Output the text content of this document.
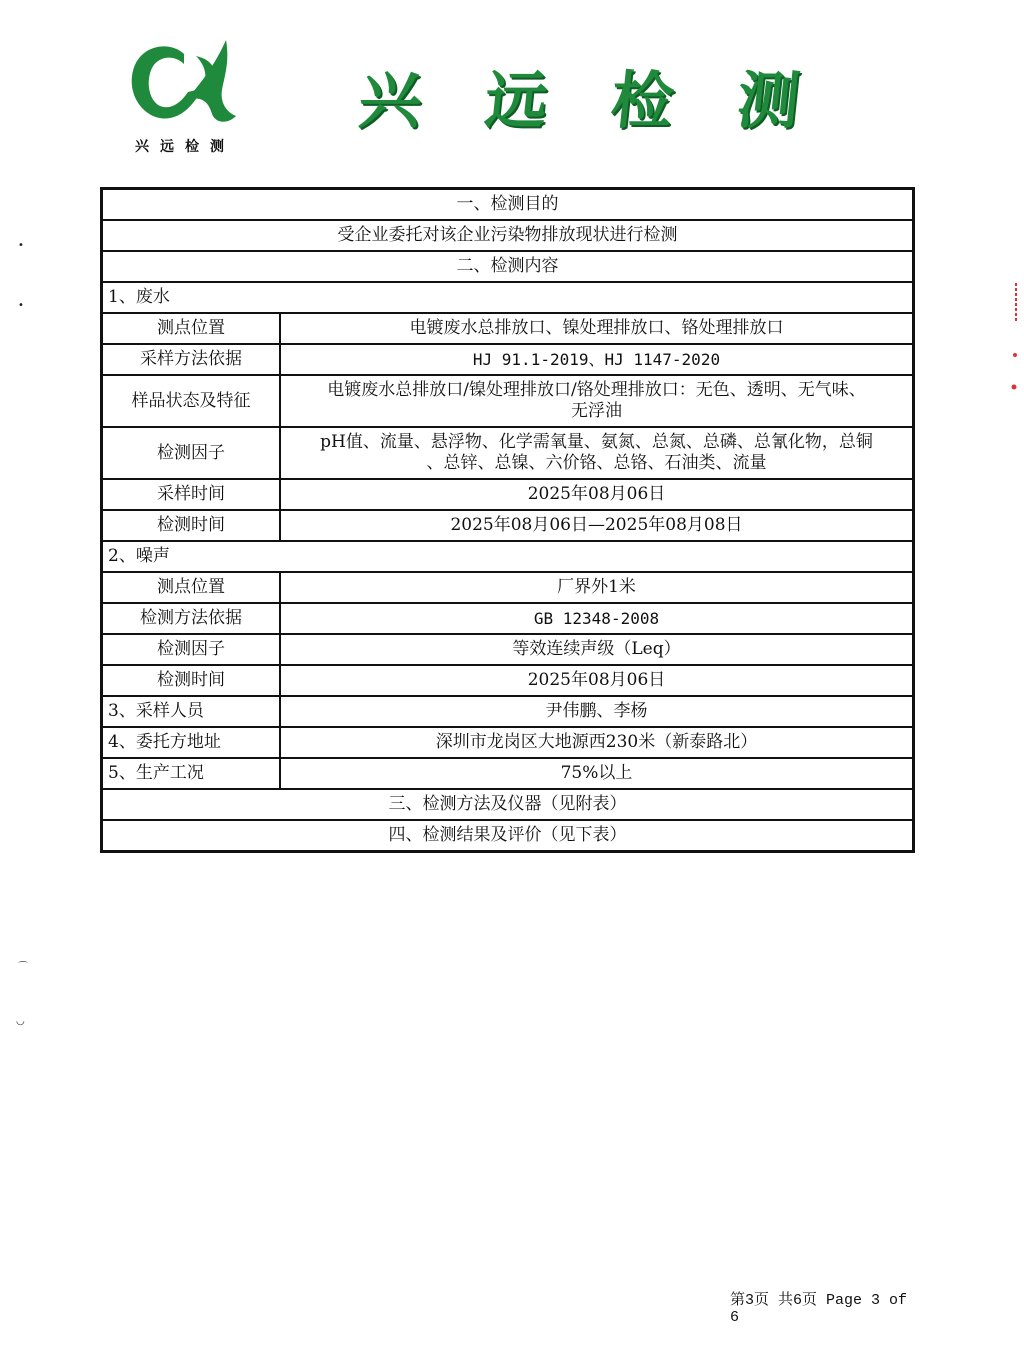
兴远检测
兴 远 检 测
•
•
⌒
◡
一、检测目的	
受企业委托对该企业污染物排放现状进行检测	
二、检测内容	
1、废水	
测点位置	电镀废水总排放口、镍处理排放口、铬处理排放口
采样方法依据	HJ 91.1-2019、HJ 1147-2020
样品状态及特征	电镀废水总排放口/镍处理排放口/铬处理排放口：无色、透明、无气味、
无浮油

检测因子	pH值、流量、悬浮物、化学需氧量、氨氮、总氮、总磷、总氰化物，总铜
、总锌、总镍、六价铬、总铬、石油类、流量

采样时间	2025年08月06日
检测时间	2025年08月06日—2025年08月08日
2、噪声	
测点位置	厂界外1米
检测方法依据	GB 12348-2008
检测因子	等效连续声级（Leq）
检测时间	2025年08月06日
3、采样人员	尹伟鹏、李杨
4、委托方地址	深圳市龙岗区大地源西230米（新泰路北）
5、生产工况	75%以上
三、检测方法及仪器（见附表）	
四、检测结果及评价（见下表）	
第3页 共6页 Page 3 of 6
